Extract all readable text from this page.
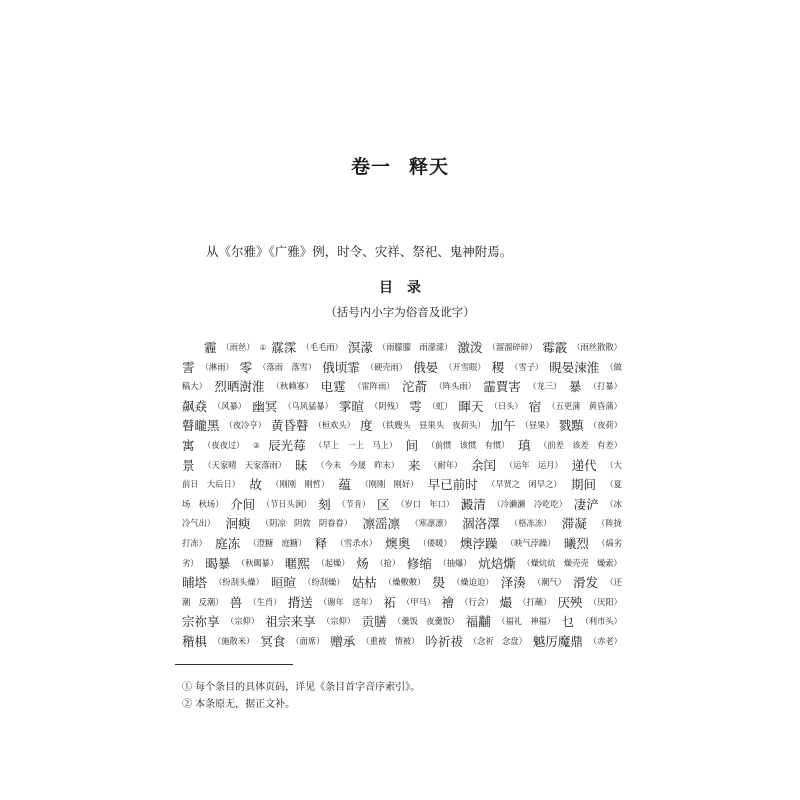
卷一 释天
从《尔雅》《广雅》例，时令、灾祥、祭祀、鬼神附焉。
目 录
（括号内小字为俗音及讹字）
霾 （雨丝） ① 霡霂 （毛毛雨） 溟濛 （雨朦朦　雨濛濛） 激泼 （溜溜碎碎） 霉霰 （雨丝散散）
霅 （淋雨） 零 （落雨　落雪） 俄顷霏 （硬壳雨） 俄晏 （开雪眼） 稷 （雪子） 晛晏涑淮 （做
稿大） 烈晒澍淮 （秋赖寡） 电霆 （雷阵雨） 沱萮 （阵头雨） 霝賈害 （龙三） 暴 （打暴）
飙猋 （风暴） 幽冥 （乌风猛暴） 雺暄 （阴残） 雩 （虹） 暉天 （日头） 宿 （五更蒲　黄昏蒲）
瞽曨黑 （夜冷亨） 黄昏瞽 （桓欢头） 度 （铁嫂头　昼果头　夜荷头） 加午 （昼果） 戮黰 （夜荷）
寓 （夜夜过） ② 辰光莓 （早上　一上　马上） 间 （前惯　该惯　有惯） 瑱 （前差　该差　有差）
景 （天家晴　天家落雨） 昧 （今末　今晟　昨末） 来 （耐年） 余闰 （运年　运月） 递代 （大
前日　大后日） 故 （刚刚　刚哲） 蕴 （刚刚　刚好） 早已前时 （早贤之　闲早之） 期间 （夏
场　秋场） 介间 （节日头涧） 刻 （节肯） 区 （岁口　年口） 澱清 （冷濑濑　冷吃吃） 凄浐 （冰
冷气出） 洄瘐 （阴凉　阴敦　阴眷眷） 凛滛凛 （寒凛凛） 涸洛澤 （格冻冻） 滞凝 （阵拢
打冻） 庭冻 （澄糖　庭糖） 释 （雪杀水） 燠奥 （倭暖） 燠浡躁 （映气浡躁） 曦烈 （熇劣
劣） 暍暴 （秋暍暴） 暱熙 （起燥） 炀 （抢） 修缩 （抽爆） 炕焙燍 （燥炕炕　燥壳壳　燥索）
晡塔 （纷刮头燥） 晅暄 （纷刮燥） 姑枯 （燥敷敷） 燢 （燥迫迫） 泽湊 （潮气） 滑发 （还
潮　反潮） 兽 （生肖） 揹送 （谢年　送年） 祏 （甲马） 禬 （行会） 熶 （打蘸） 厌殃 （厌阳）
宗祢享 （宗仰） 祖宗来享 （宗仰） 贡膳 （羹饭　夜羹饭） 福黼 （福礼　神福） 乜 （利市头）
稭椇 （施散米） 冥食 （面席） 赠承 （重被　情被） 吟祈祓 （念祈　念盘） 魆厉魔鼎 （赤老）
① 每个条目的具体页码，详见《条目首字音序索引》。
② 本条原无，据正文补。
